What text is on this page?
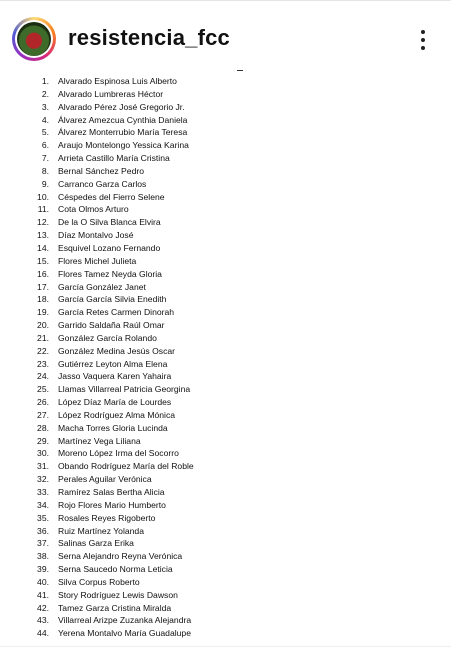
resistencia_fcc
1. Alvarado Espinosa Luis Alberto
2. Alvarado Lumbreras Héctor
3. Alvarado Pérez José Gregorio Jr.
4. Álvarez Amezcua Cynthia Daniela
5. Álvarez Monterrubio María Teresa
6. Araujo Montelongo Yessica Karina
7. Arrieta Castillo María Cristina
8. Bernal Sánchez Pedro
9. Carranco Garza Carlos
10. Céspedes del Fierro Selene
11. Cota Olmos Arturo
12. De la O Silva Blanca Elvira
13. Díaz Montalvo José
14. Esquivel Lozano Fernando
15. Flores Michel Julieta
16. Flores Tamez Neyda Gloria
17. García González Janet
18. García García Silvia Enedith
19. García Retes Carmen Dinorah
20. Garrido Saldaña Raúl Omar
21. González García Rolando
22. González Medina Jesús Oscar
23. Gutiérrez Leyton Alma Elena
24. Jasso Vaquera Karen Yahaira
25. Llamas Villarreal Patricia Georgina
26. López Díaz María de Lourdes
27. López Rodríguez Alma Mónica
28. Macha Torres Gloria Lucinda
29. Martínez Vega Liliana
30. Moreno López Irma del Socorro
31. Obando Rodríguez María del Roble
32. Perales Aguilar Verónica
33. Ramírez Salas Bertha Alicia
34. Rojo Flores Mario Humberto
35. Rosales Reyes Rigoberto
36. Ruiz Martínez Yolanda
37. Salinas Garza Erika
38. Serna Alejandro Reyna Verónica
39. Serna Saucedo Norma Leticia
40. Silva Corpus Roberto
41. Story Rodríguez Lewis Dawson
42. Tamez Garza Cristina Miralda
43. Villarreal Arizpe Zuzanka Alejandra
44. Yerena Montalvo María Guadalupe
